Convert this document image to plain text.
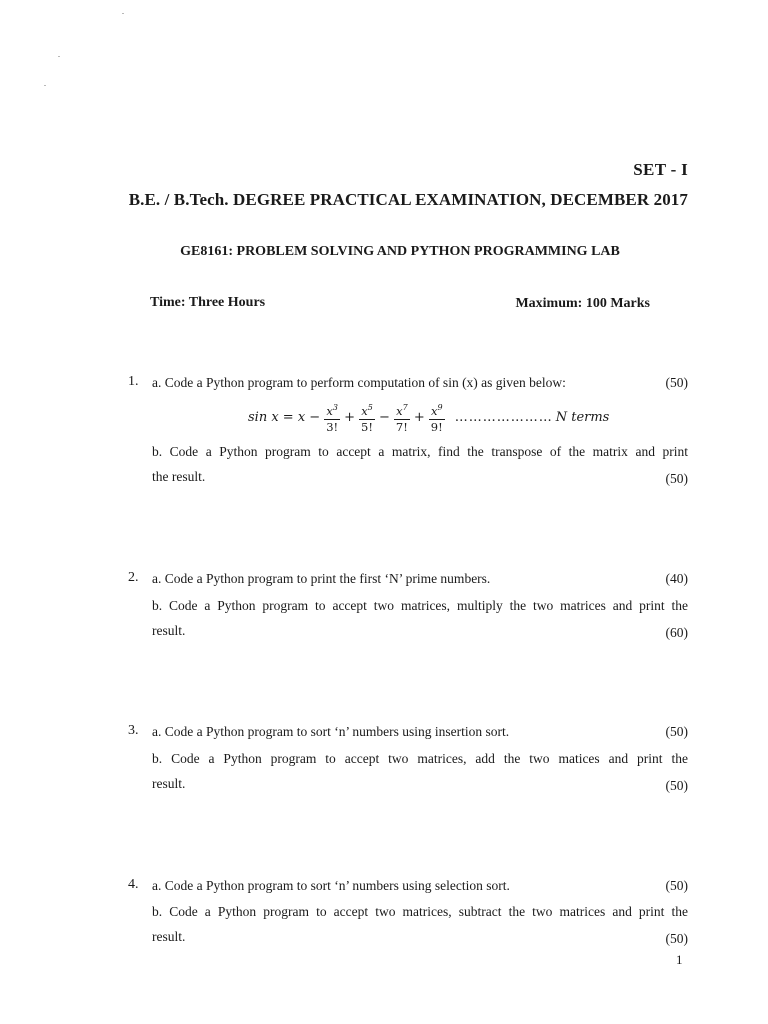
SET - I
B.E. / B.Tech. DEGREE PRACTICAL EXAMINATION, DECEMBER 2017
GE8161: PROBLEM SOLVING AND PYTHON PROGRAMMING LAB
Time: Three Hours	Maximum: 100 Marks
1. a. Code a Python program to perform computation of sin (x) as given below:	(50)
$\sin x = x - \frac{x^3}{3!} + \frac{x^5}{5!} - \frac{x^7}{7!} + \frac{x^9}{9!}$ ………………… N terms
b. Code a Python program to accept a matrix, find the transpose of the matrix and print
the result.	(50)
2. a. Code a Python program to print the first ‘N’ prime numbers.	(40)
b. Code a Python program to accept two matrices, multiply the two matrices and print the
result.	(60)
3. a. Code a Python program to sort ‘n’ numbers using insertion sort.	(50)
b. Code a Python program to accept two matrices, add the two matices and print the
result.	(50)
4. a. Code a Python program to sort ‘n’ numbers using selection sort.	(50)
b. Code a Python program to accept two matrices, subtract the two matrices and print the
result.	(50)
1
